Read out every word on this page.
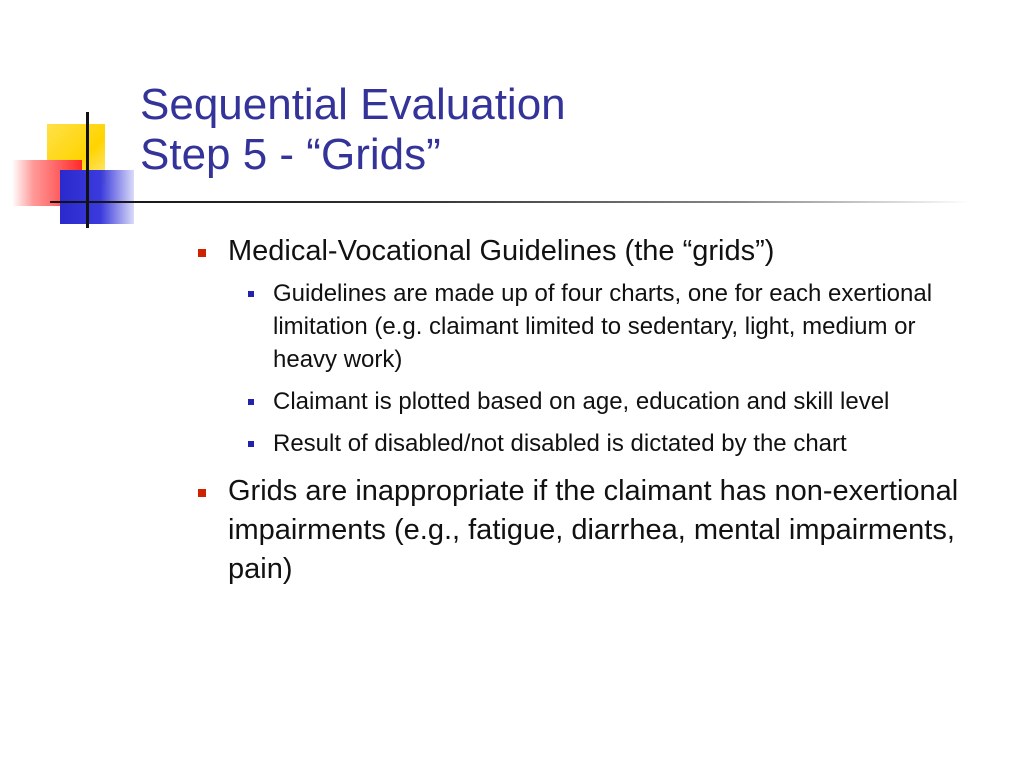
Sequential Evaluation
Step 5 - “Grids”
Medical-Vocational Guidelines (the “grids”)
Guidelines are made up of four charts, one for each exertional limitation (e.g. claimant limited to sedentary, light, medium or heavy work)
Claimant is plotted based on age, education and skill level
Result of disabled/not disabled is dictated by the chart
Grids are inappropriate if the claimant has non-exertional impairments (e.g., fatigue, diarrhea, mental impairments, pain)
